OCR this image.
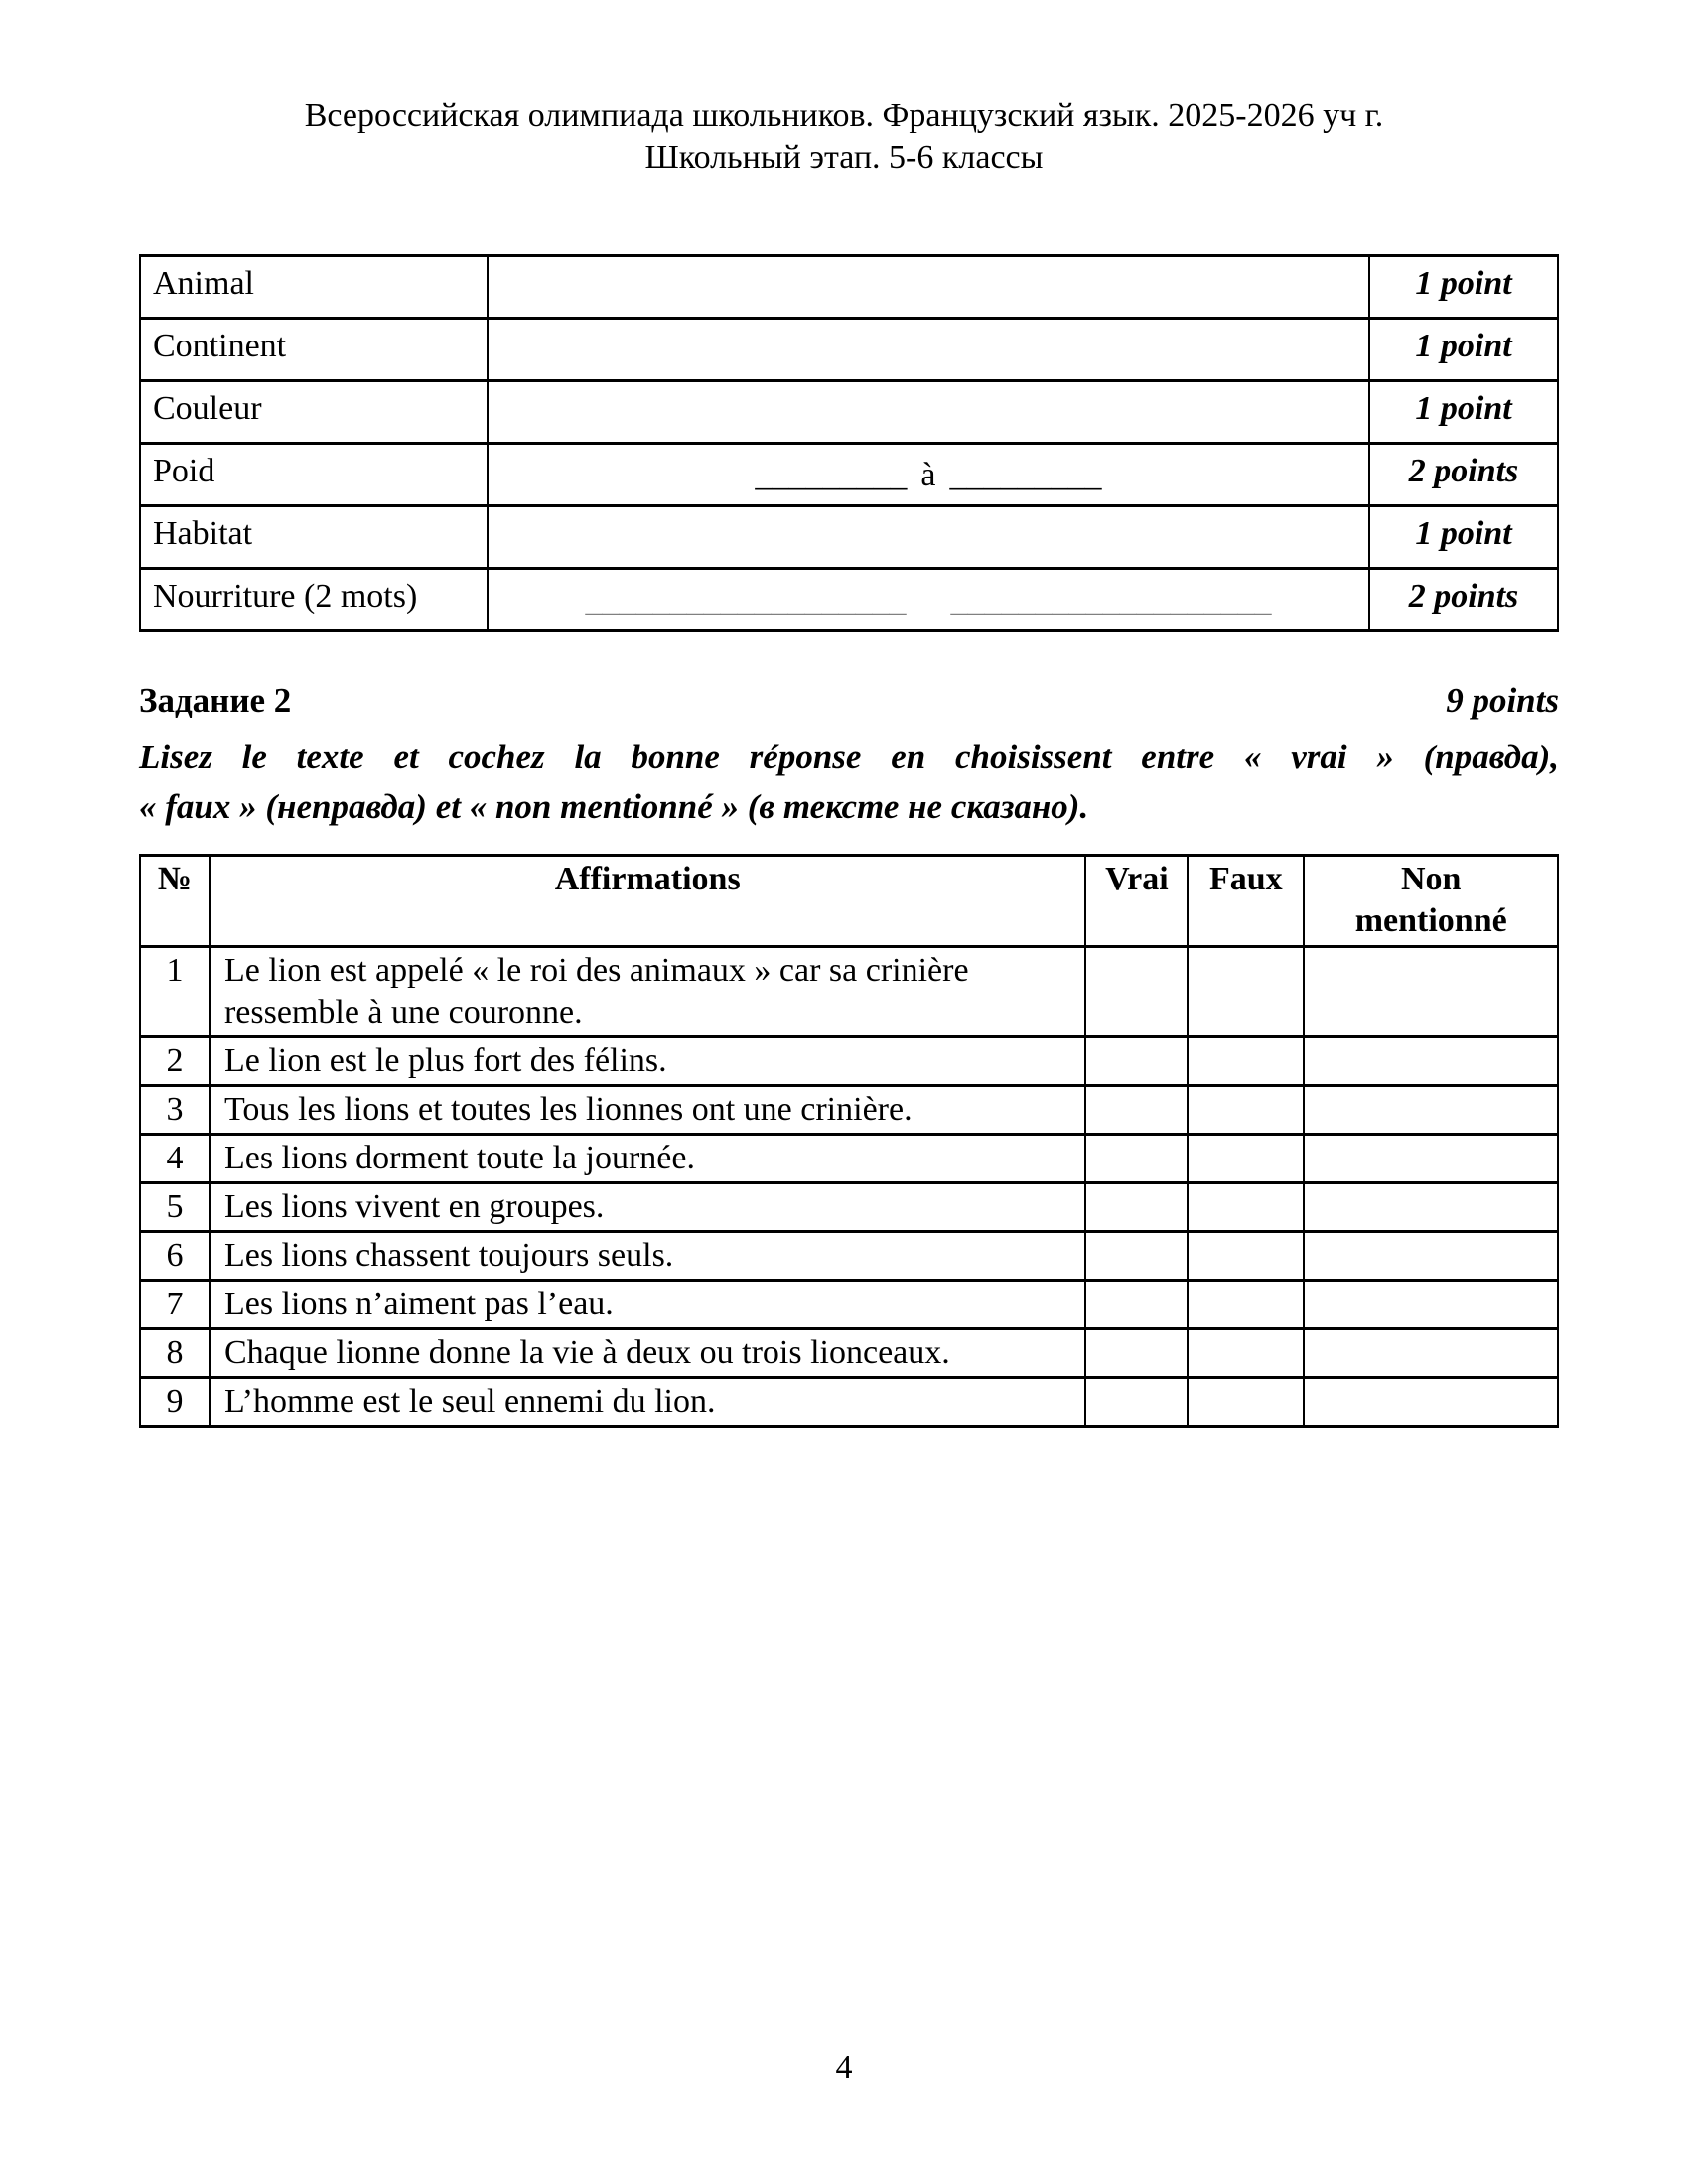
Всероссийская олимпиада школьников. Французский язык. 2025-2026 уч г.
Школьный этап. 5-6 классы
Animal		1 point
Continent		1 point
Couleur		1 point
Poid	_________ à _________	2 points
Habitat		1 point
Nourriture (2 mots)	___________________ ___________________	2 points
Задание 2	9 points
Lisez le texte et cochez la bonne réponse en choisissent entre « vrai » (правда),
« faux » (неправда) et « non mentionné » (в тексте не сказано).
№	Affirmations	Vrai	Faux	Non mentionné
1	Le lion est appelé « le roi des animaux » car sa crinière ressemble à une couronne.			

2	Le lion est le plus fort des félins.			

3	Tous les lions et toutes les lionnes ont une crinière.			

4	Les lions dorment toute la journée.			

5	Les lions vivent en groupes.			

6	Les lions chassent toujours seuls.			

7	Les lions n’aiment pas l’eau.			

8	Chaque lionne donne la vie à deux ou trois lionceaux.			

9	L’homme est le seul ennemi du lion.			

4
